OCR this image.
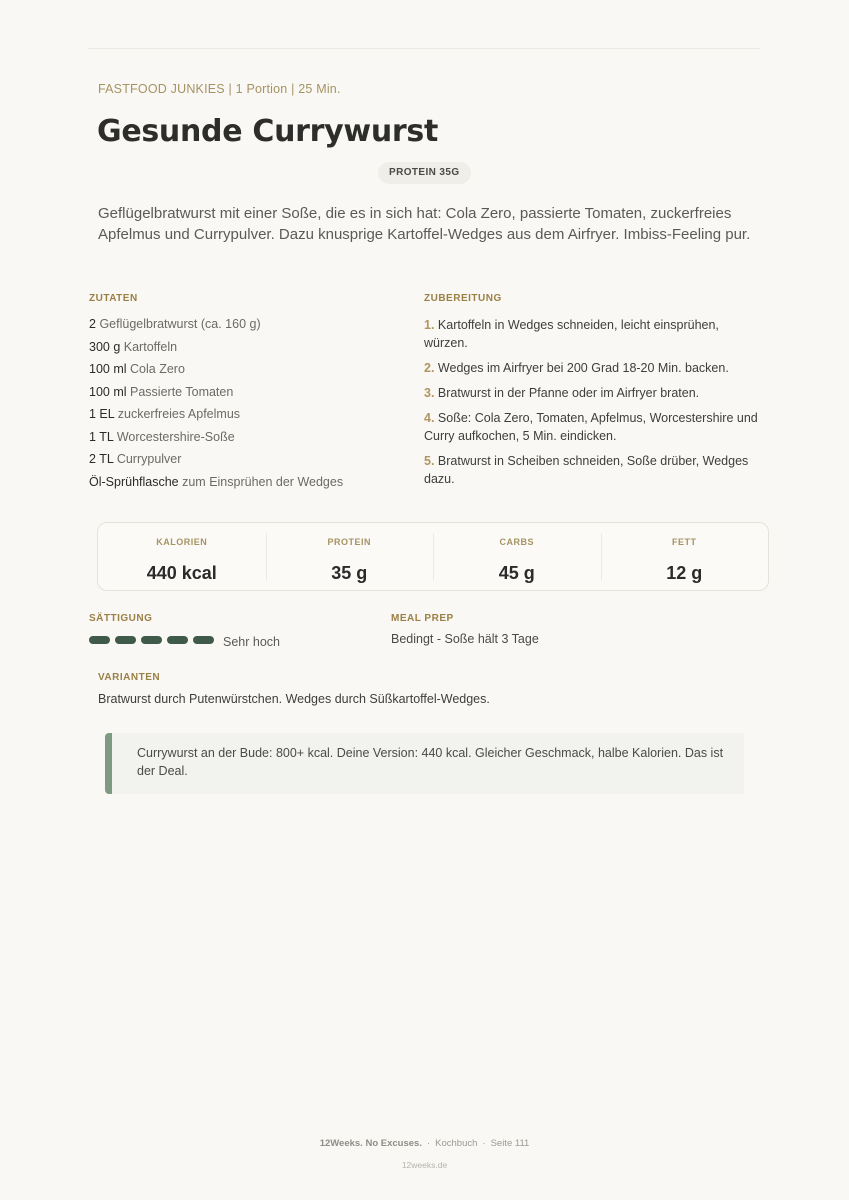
FASTFOOD JUNKIES | 1 Portion | 25 Min.
Gesunde Currywurst
PROTEIN 35G

Geflügelbratwurst mit einer Soße, die es in sich hat: Cola Zero, passierte Tomaten, zuckerfreies Apfelmus und Currypulver. Dazu knusprige Kartoffel-Wedges aus dem Airfryer. Imbiss-Feeling pur.

ZUTATEN
2 Geflügelbratwurst (ca. 160 g)
300 g Kartoffeln
100 ml Cola Zero
100 ml Passierte Tomaten
1 EL zuckerfreies Apfelmus
1 TL Worcestershire-Soße
2 TL Currypulver
Öl-Sprühflasche zum Einsprühen der Wedges
ZUBEREITUNG
1. Kartoffeln in Wedges schneiden, leicht einsprühen, würzen.
2. Wedges im Airfryer bei 200 Grad 18-20 Min. backen.
3. Bratwurst in der Pfanne oder im Airfryer braten.
4. Soße: Cola Zero, Tomaten, Apfelmus, Worcestershire und Curry aufkochen, 5 Min. eindicken.
5. Bratwurst in Scheiben schneiden, Soße drüber, Wedges dazu.
KALORIEN
440 kcal
PROTEIN
35 g
CARBS
45 g
FETT
12 g
SÄTTIGUNG
Sehr hoch
MEAL PREP
Bedingt - Soße hält 3 Tage
VARIANTEN
Bratwurst durch Putenwürstchen. Wedges durch Süßkartoffel-Wedges.
Currywurst an der Bude: 800+ kcal. Deine Version: 440 kcal. Gleicher Geschmack, halbe Kalorien. Das ist der Deal.
12Weeks. No Excuses. · Kochbuch · Seite 111
12weeks.de
